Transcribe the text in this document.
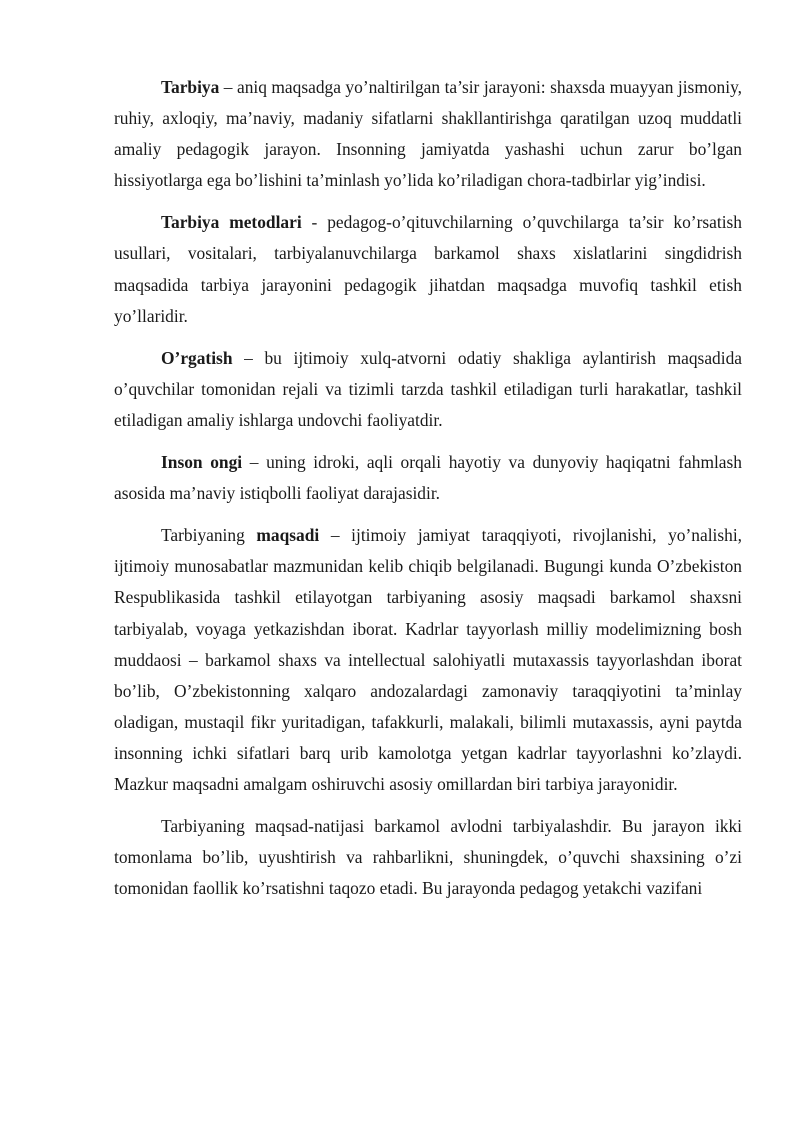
Tarbiya – aniq maqsadga yo’naltirilgan ta’sir jarayoni: shaxsda muayyan jismoniy, ruhiy, axloqiy, ma’naviy, madaniy sifatlarni shakllantirishga qaratilgan uzoq muddatli amaliy pedagogik jarayon. Insonning jamiyatda yashashi uchun zarur bo’lgan hissiyotlarga ega bo’lishini ta’minlash yo’lida ko’riladigan chora-tadbirlar yig’indisi.

Tarbiya metodlari - pedagog-o’qituvchilarning o’quvchilarga ta’sir ko’rsatish usullari, vositalari, tarbiyalanuvchilarga barkamol shaxs xislatlarini singdidrish maqsadida tarbiya jarayonini pedagogik jihatdan maqsadga muvofiq tashkil etish yo’llaridir.

O’rgatish – bu ijtimoiy xulq-atvorni odatiy shakliga aylantirish maqsadida o’quvchilar tomonidan rejali va tizimli tarzda tashkil etiladigan turli harakatlar, tashkil etiladigan amaliy ishlarga undovchi faoliyatdir.

Inson ongi – uning idroki, aqli orqali hayotiy va dunyoviy haqiqatni fahmlash asosida ma’naviy istiqbolli faoliyat darajasidir.

Tarbiyaning maqsadi – ijtimoiy jamiyat taraqqiyoti, rivojlanishi, yo’nalishi, ijtimoiy munosabatlar mazmunidan kelib chiqib belgilanadi. Bugungi kunda O’zbekiston Respublikasida tashkil etilayotgan tarbiyaning asosiy maqsadi barkamol shaxsni tarbiyalab, voyaga yetkazishdan iborat. Kadrlar tayyorlash milliy modelimizning bosh muddaosi – barkamol shaxs va intellectual salohiyatli mutaxassis tayyorlashdan iborat bo’lib, O’zbekistonning xalqaro andozalardagi zamonaviy taraqqiyotini ta’minlay oladigan, mustaqil fikr yuritadigan, tafakkurli, malakali, bilimli mutaxassis, ayni paytda insonning ichki sifatlari barq urib kamolotga yetgan kadrlar tayyorlashni ko’zlaydi. Mazkur maqsadni amalgam oshiruvchi asosiy omillardan biri tarbiya jarayonidir.

Tarbiyaning maqsad-natijasi barkamol avlodni tarbiyalashdir. Bu jarayon ikki tomonlama bo’lib, uyushtirish va rahbarlikni, shuningdek, o’quvchi shaxsining o’zi tomonidan faollik ko’rsatishni taqozo etadi. Bu jarayonda pedagog yetakchi vazifani
